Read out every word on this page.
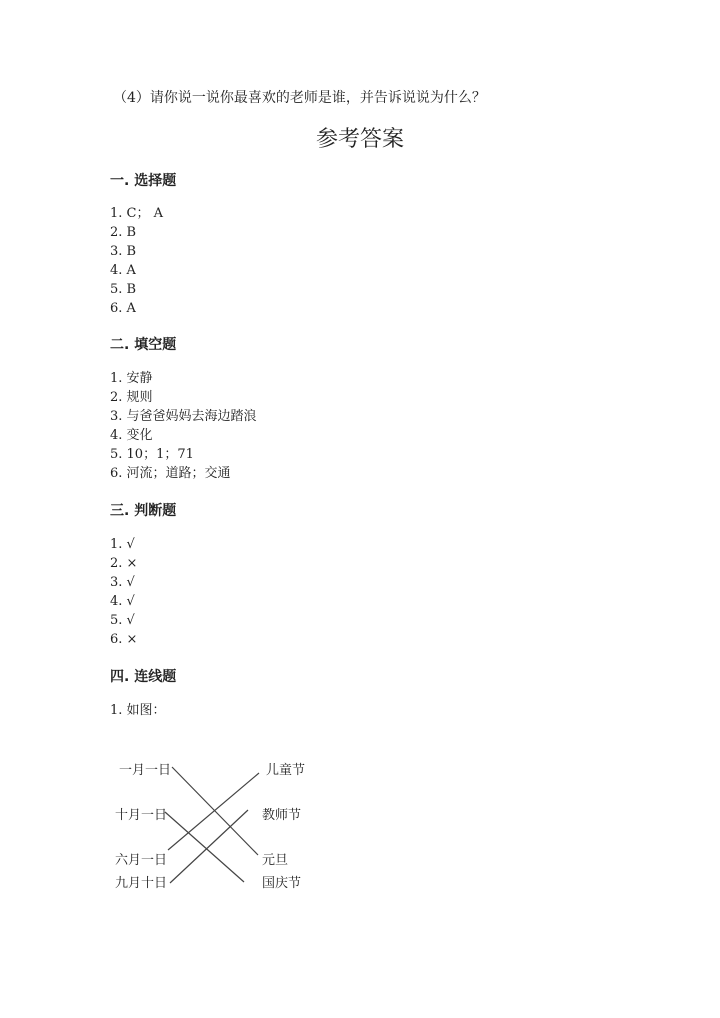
（4）请你说一说你最喜欢的老师是谁，并告诉说说为什么？
参考答案
一. 选择题
1. C； A
2. B
3. B
4. A
5. B
6. A
二. 填空题
1. 安静
2. 规则
3. 与爸爸妈妈去海边踏浪
4. 变化
5. 10；1；71
6. 河流；道路；交通
三. 判断题
1. √
2. ×
3. √
4. √
5. √
6. ×
四. 连线题
1. 如图：
一月一日
十月一日
六月一日
九月十日
儿童节
教师节
元旦
国庆节
